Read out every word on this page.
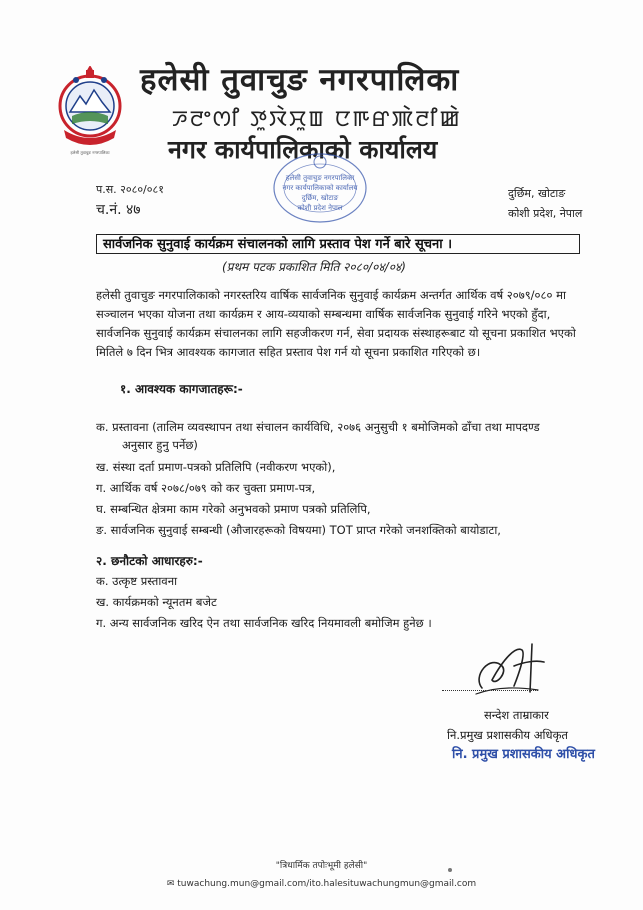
हलेसी तुवाचुङ नगरपालिका
हलेसी तुवाचुङ नगरपालिका
ꯍꯂꯦꯁꯤ ꯇꯨꯋꯥꯆꯨꯡ ꯅꯒꯔꯄꯥꯂꯤꯀꯥ
नगर कार्यपालिकाको कार्यालय
प.स. २०८०/०८१
च.नं. ४७
दुर्छिम, खोटाङ
कोशी प्रदेश, नेपाल
हलेसी तुवाचुङ नगरपालिका
नगर कार्यपालिकाको कार्यालय
दुर्छिम, खोटाङ
कोशी प्रदेश नेपाल
सार्वजनिक सुनुवाई कार्यक्रम संचालनको लागि प्रस्ताव पेश गर्ने बारे सूचना ।
(प्रथम पटक प्रकाशित मिति २०८०/०४/०४)
हलेसी तुवाचुङ नगरपालिकाको नगरस्तरिय वार्षिक सार्वजनिक सुनुवाई कार्यक्रम अन्तर्गत आर्थिक वर्ष २०७९/०८० मा
सञ्चालन भएका योजना तथा कार्यक्रम र आय-व्ययाको सम्बन्धमा वार्षिक सार्वजनिक सुनुवाई गरिने भएको हुँदा,
सार्वजनिक सुनुवाई कार्यक्रम संचालनका लागि सहजीकरण गर्न, सेवा प्रदायक संस्थाहरूबाट यो सूचना प्रकाशित भएको
मितिले ७ दिन भित्र आवश्यक कागजात सहित प्रस्ताव पेश गर्न यो सूचना प्रकाशित गरिएको छ।
१. आवश्यक कागजातहरू:-
क. प्रस्तावना (तालिम व्यवस्थापन तथा संचालन कार्यविधि, २०७६ अनुसुची १ बमोजिमको ढाँचा तथा मापदण्ड
अनुसार हुनु पर्नेछ)
ख. संस्था दर्ता प्रमाण-पत्रको प्रतिलिपि (नवीकरण भएको),
ग. आर्थिक वर्ष २०७८/०७९ को कर चुक्ता प्रमाण-पत्र,
घ. सम्बन्धित क्षेत्रमा काम गरेको अनुभवको प्रमाण पत्रको प्रतिलिपि,
ङ. सार्वजनिक सुनुवाई सम्बन्धी (औजारहरूको विषयमा) TOT प्राप्त गरेको जनशक्तिको बायोडाटा,
२. छनौटको आधारहरु:-
क. उत्कृष्ट प्रस्तावना
ख. कार्यक्रमको न्यूनतम बजेट
ग. अन्य सार्वजनिक खरिद ऐन तथा सार्वजनिक खरिद नियमावली बमोजिम हुनेछ ।
सन्देश ताम्राकार
नि.प्रमुख प्रशासकीय अधिकृत
नि. प्रमुख प्रशासकीय अधिकृत
"त्रिधार्मिक तपोःभूमी हलेसी"
✉ tuwachung.mun@gmail.com/ito.halesituwachungmun@gmail.com
